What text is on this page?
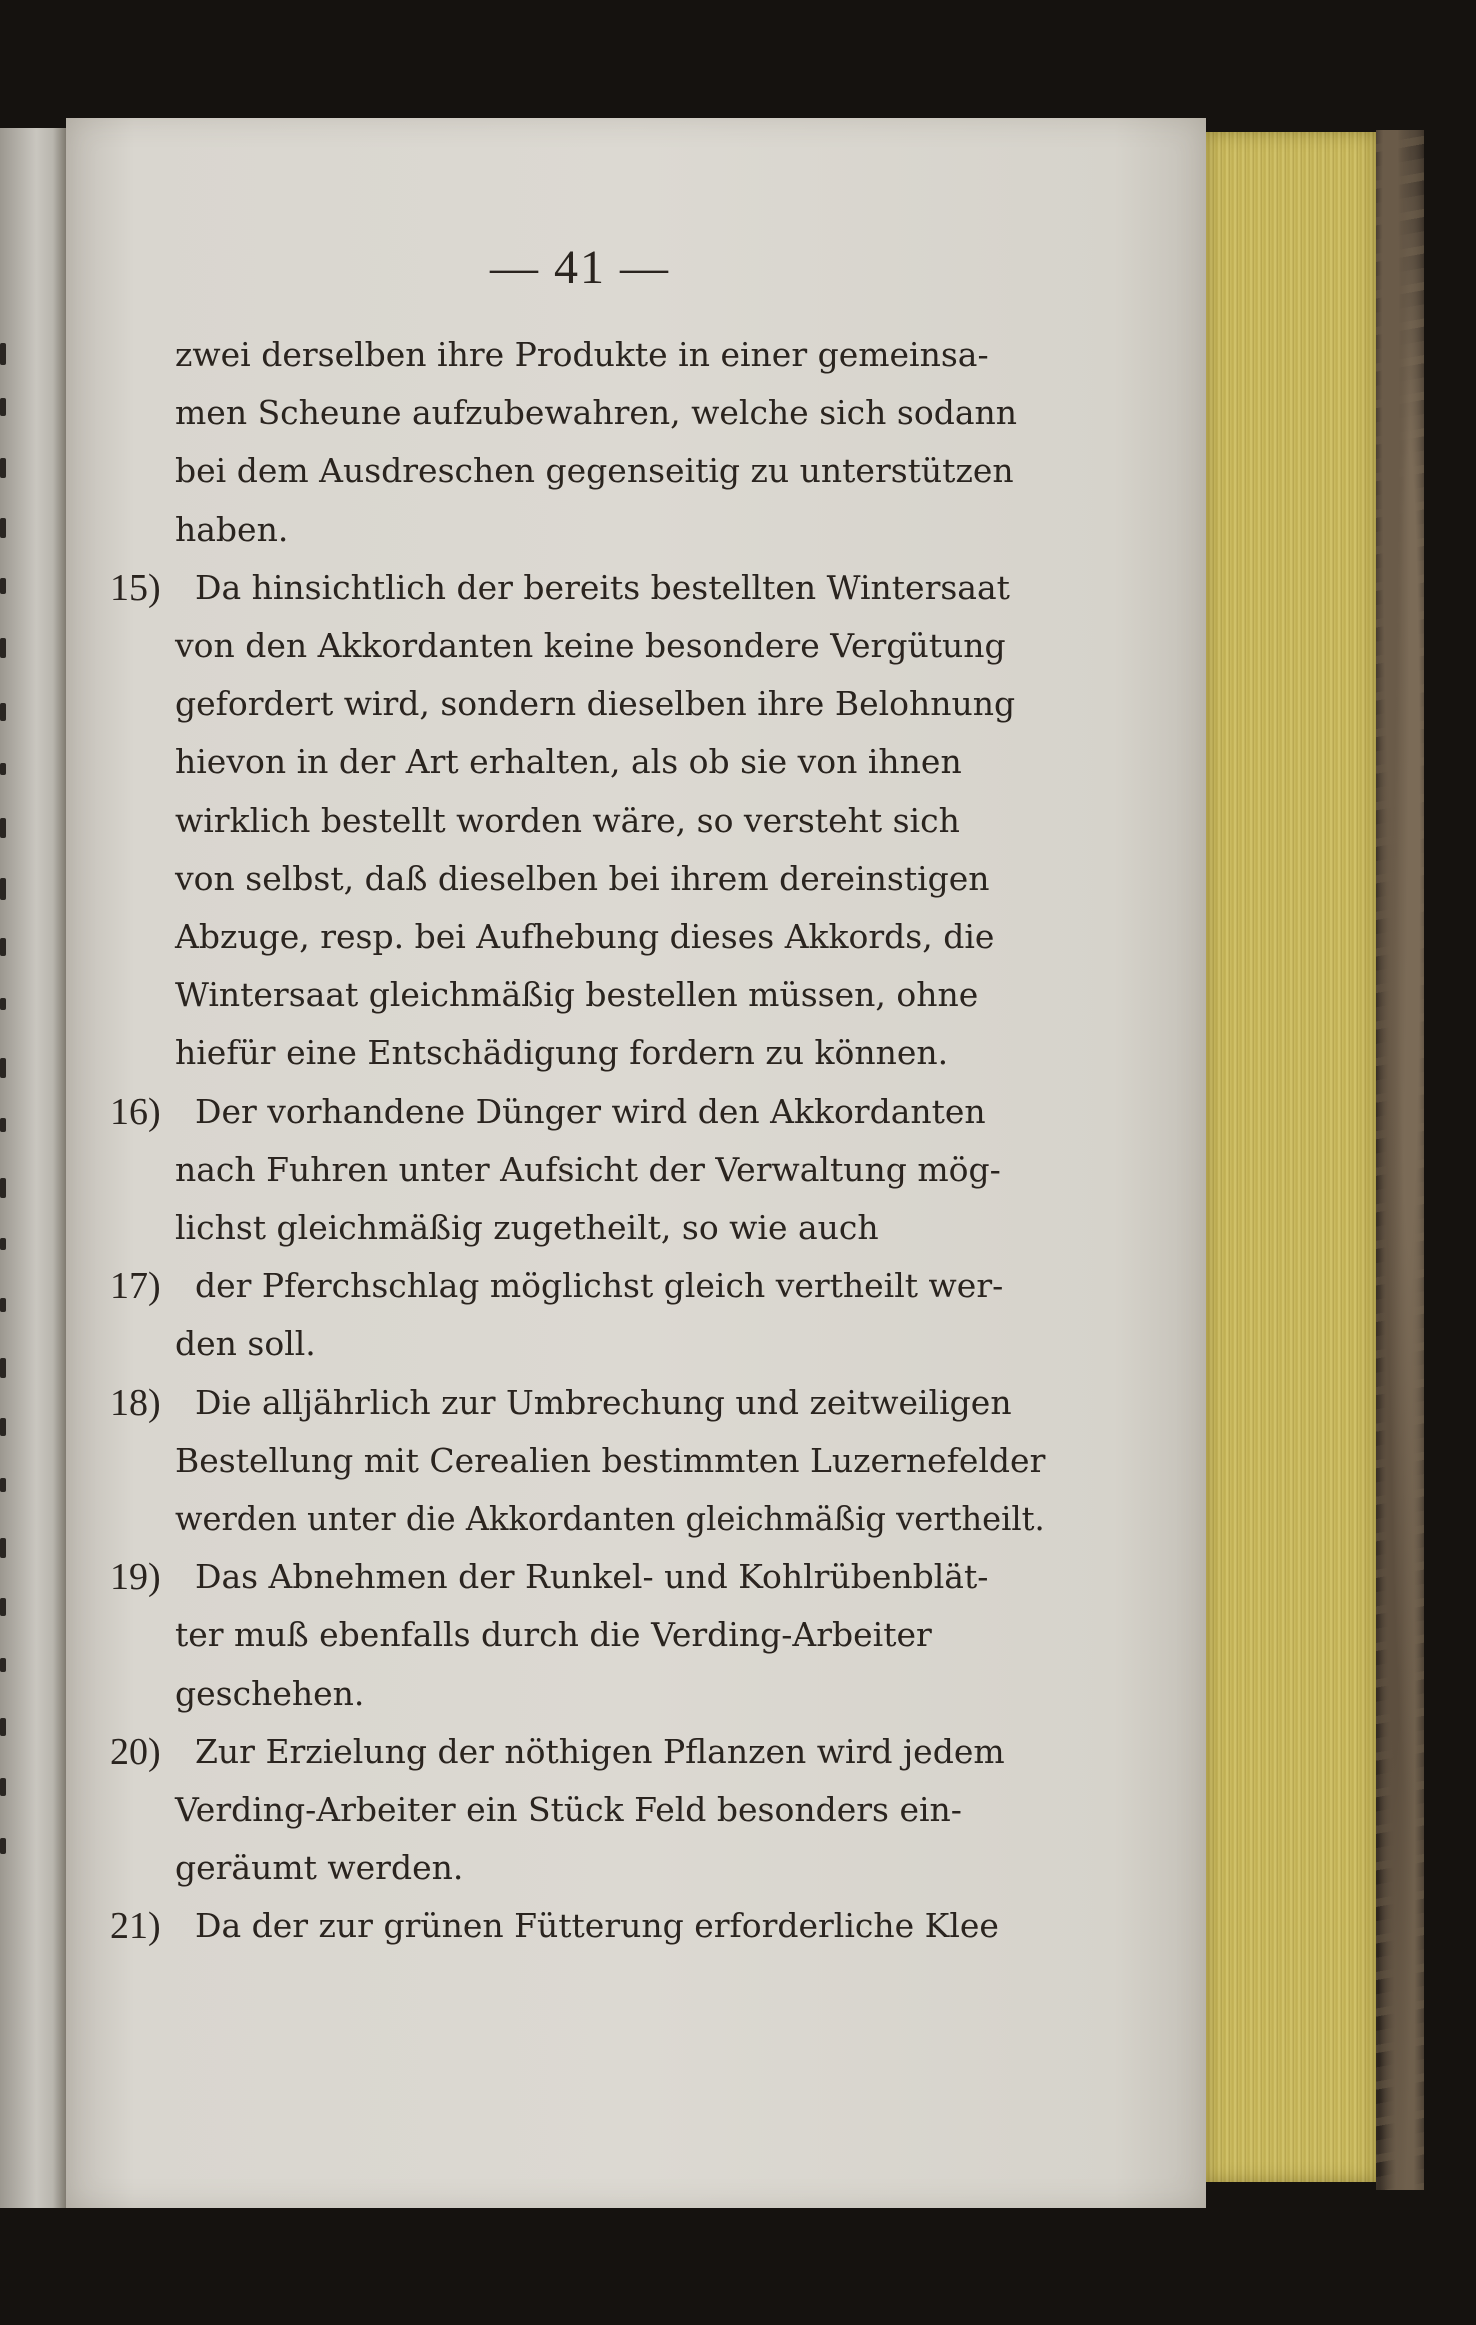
— 41 —
zwei derselben ihre Produkte in einer gemeinsa-
men Scheune aufzubewahren, welche sich sodann
bei dem Ausdreschen gegenseitig zu unterstützen
haben.
15) Da hinsichtlich der bereits bestellten Wintersaat
von den Akkordanten keine besondere Vergütung
gefordert wird, sondern dieselben ihre Belohnung
hievon in der Art erhalten, als ob sie von ihnen
wirklich bestellt worden wäre, so versteht sich
von selbst, daß dieselben bei ihrem dereinstigen
Abzuge, resp. bei Aufhebung dieses Akkords, die
Wintersaat gleichmäßig bestellen müssen, ohne
hiefür eine Entschädigung fordern zu können.
16) Der vorhandene Dünger wird den Akkordanten
nach Fuhren unter Aufsicht der Verwaltung mög-
lichst gleichmäßig zugetheilt, so wie auch
17) der Pferchschlag möglichst gleich vertheilt wer-
den soll.
18) Die alljährlich zur Umbrechung und zeitweiligen
Bestellung mit Cerealien bestimmten Luzernefelder
werden unter die Akkordanten gleichmäßig vertheilt.
19) Das Abnehmen der Runkel- und Kohlrübenblät-
ter muß ebenfalls durch die Verding-Arbeiter
geschehen.
20) Zur Erzielung der nöthigen Pflanzen wird jedem
Verding-Arbeiter ein Stück Feld besonders ein-
geräumt werden.
21) Da der zur grünen Fütterung erforderliche Klee
